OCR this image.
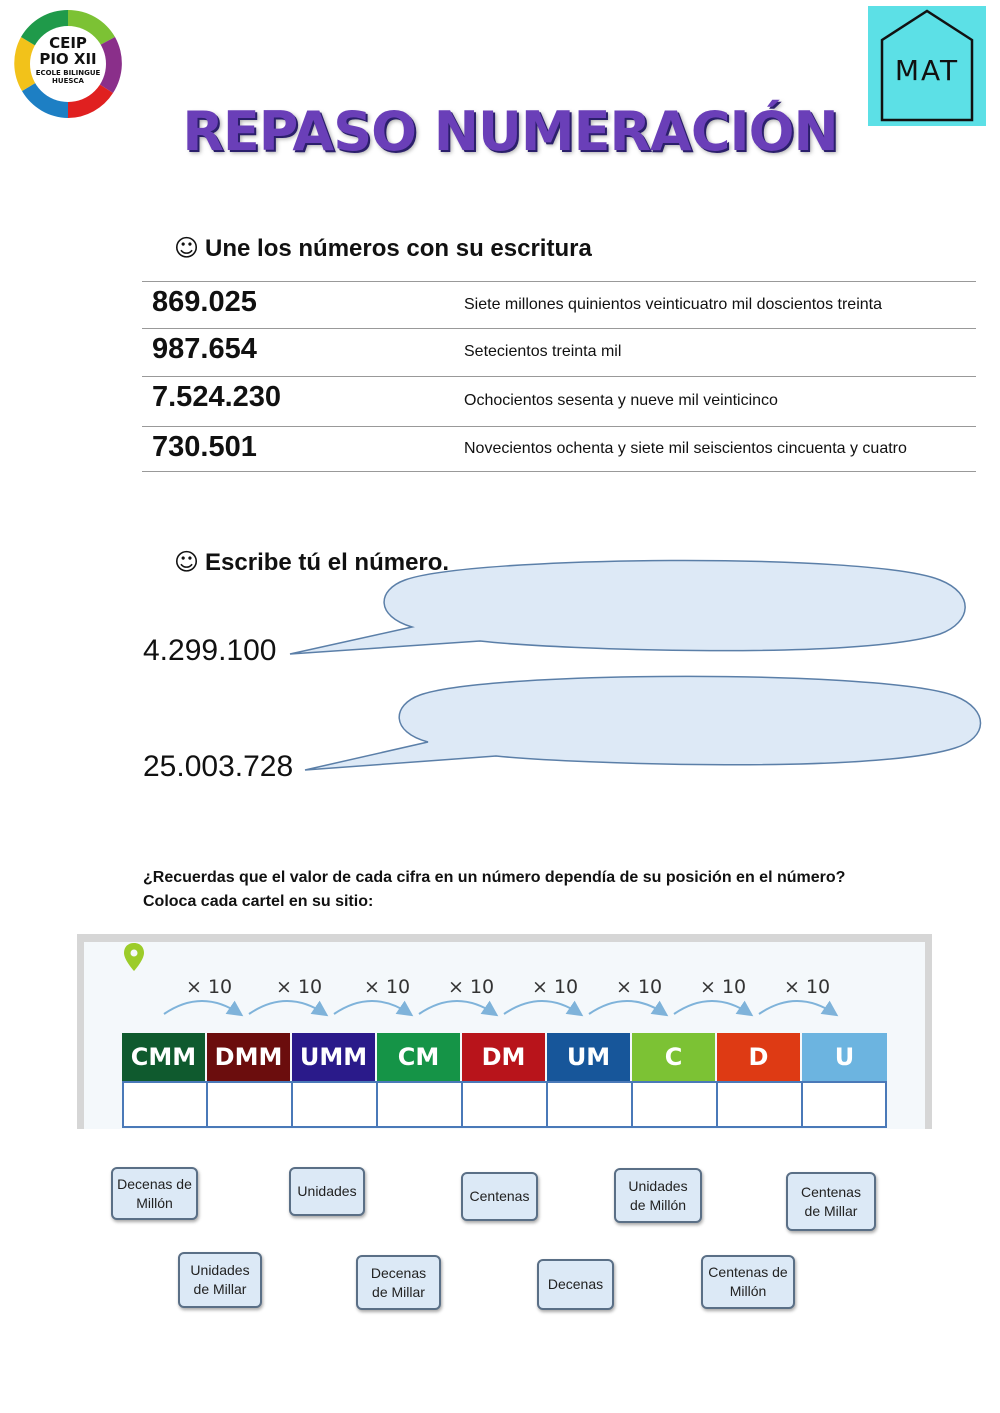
CEIP
PIO XII
ECOLE BILINGUE
HUESCA	MAT
REPASO NUMERACIÓN
☺ Une los números con su escritura
869.025	Siete millones quinientos veinticuatro mil doscientos treinta
987.654	Setecientos treinta mil
7.524.230	Ochocientos sesenta y nueve mil veinticinco
730.501	Novecientos ochenta y siete mil seiscientos cincuenta y cuatro
☺ Escribe tú el número.
4.299.100
25.003.728
¿Recuerdas que el valor de cada cifra en un número dependía de su posición en el número?
Coloca cada cartel en su sitio:
× 10 × 10 × 10 × 10 × 10 × 10 × 10 × 10
CMM DMM UMM	CM	DM	UM	C	D	U
Decenas de Millón
Unidades	Centenas
Unidades de Millón
Centenas de Millar
Unidades de Millar
Decenas de Millar	Decenas
Centenas de Millón
